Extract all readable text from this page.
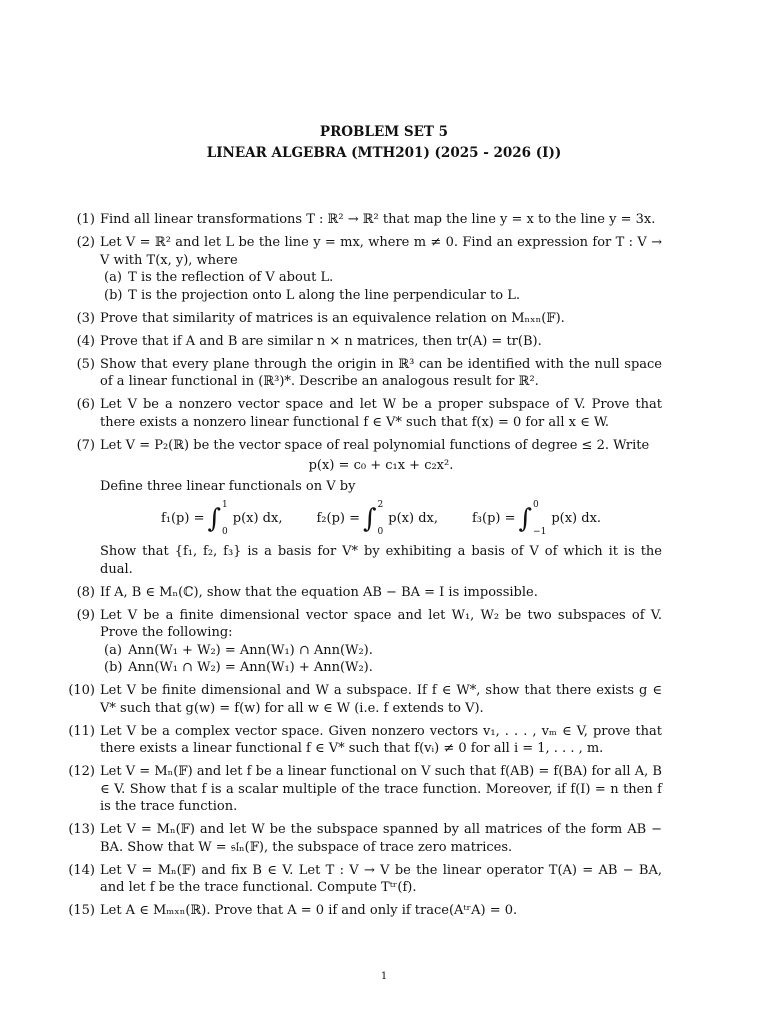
PROBLEM SET 5
LINEAR ALGEBRA (MTH201) (2025 - 2026 (I))
(1) Find all linear transformations T : ℝ² → ℝ² that map the line y = x to the line y = 3x.
(2) Let V = ℝ² and let L be the line y = mx, where m ≠ 0. Find an expression for T : V → V with T(x, y), where
(a) T is the reflection of V about L.
(b) T is the projection onto L along the line perpendicular to L.
(3) Prove that similarity of matrices is an equivalence relation on Mₙₓₙ(𝔽).
(4) Prove that if A and B are similar n × n matrices, then tr(A) = tr(B).
(5) Show that every plane through the origin in ℝ³ can be identified with the null space of a linear functional in (ℝ³)*. Describe an analogous result for ℝ².
(6) Let V be a nonzero vector space and let W be a proper subspace of V. Prove that there exists a nonzero linear functional f ∈ V* such that f(x) = 0 for all x ∈ W.
(7) Let V = P₂(ℝ) be the vector space of real polynomial functions of degree ≤ 2. Write
p(x) = c₀ + c₁x + c₂x².
Define three linear functionals on V by
f₁(p) = ∫ 1
0
p(x) dx,	f₂(p) = ∫ 2
0
p(x) dx,	f₃(p) = ∫ 0
−1
p(x) dx.
Show that {f₁, f₂, f₃} is a basis for V* by exhibiting a basis of V of which it is the dual.
(8) If A, B ∈ Mₙ(ℂ), show that the equation AB − BA = I is impossible.
(9) Let V be a finite dimensional vector space and let W₁, W₂ be two subspaces of V. Prove the following:
(a) Ann(W₁ + W₂) = Ann(W₁) ∩ Ann(W₂).
(b) Ann(W₁ ∩ W₂) = Ann(W₁) + Ann(W₂).
(10) Let V be finite dimensional and W a subspace. If f ∈ W*, show that there exists g ∈ V* such that g(w) = f(w) for all w ∈ W (i.e. f extends to V).
(11) Let V be a complex vector space. Given nonzero vectors v₁, . . . , vₘ ∈ V, prove that there exists a linear functional f ∈ V* such that f(vᵢ) ≠ 0 for all i = 1, . . . , m.
(12) Let V = Mₙ(𝔽) and let f be a linear functional on V such that f(AB) = f(BA) for all A, B ∈ V. Show that f is a scalar multiple of the trace function. Moreover, if f(I) = n then f is the trace function.
(13) Let V = Mₙ(𝔽) and let W be the subspace spanned by all matrices of the form AB − BA. Show that W = 𝔰𝔩ₙ(𝔽), the subspace of trace zero matrices.
(14) Let V = Mₙ(𝔽) and fix B ∈ V. Let T : V → V be the linear operator T(A) = AB − BA, and let f be the trace functional. Compute Tᵗʳ(f).
(15) Let A ∈ Mₘₓₙ(ℝ). Prove that A = 0 if and only if trace(AᵗʳA) = 0.
1
